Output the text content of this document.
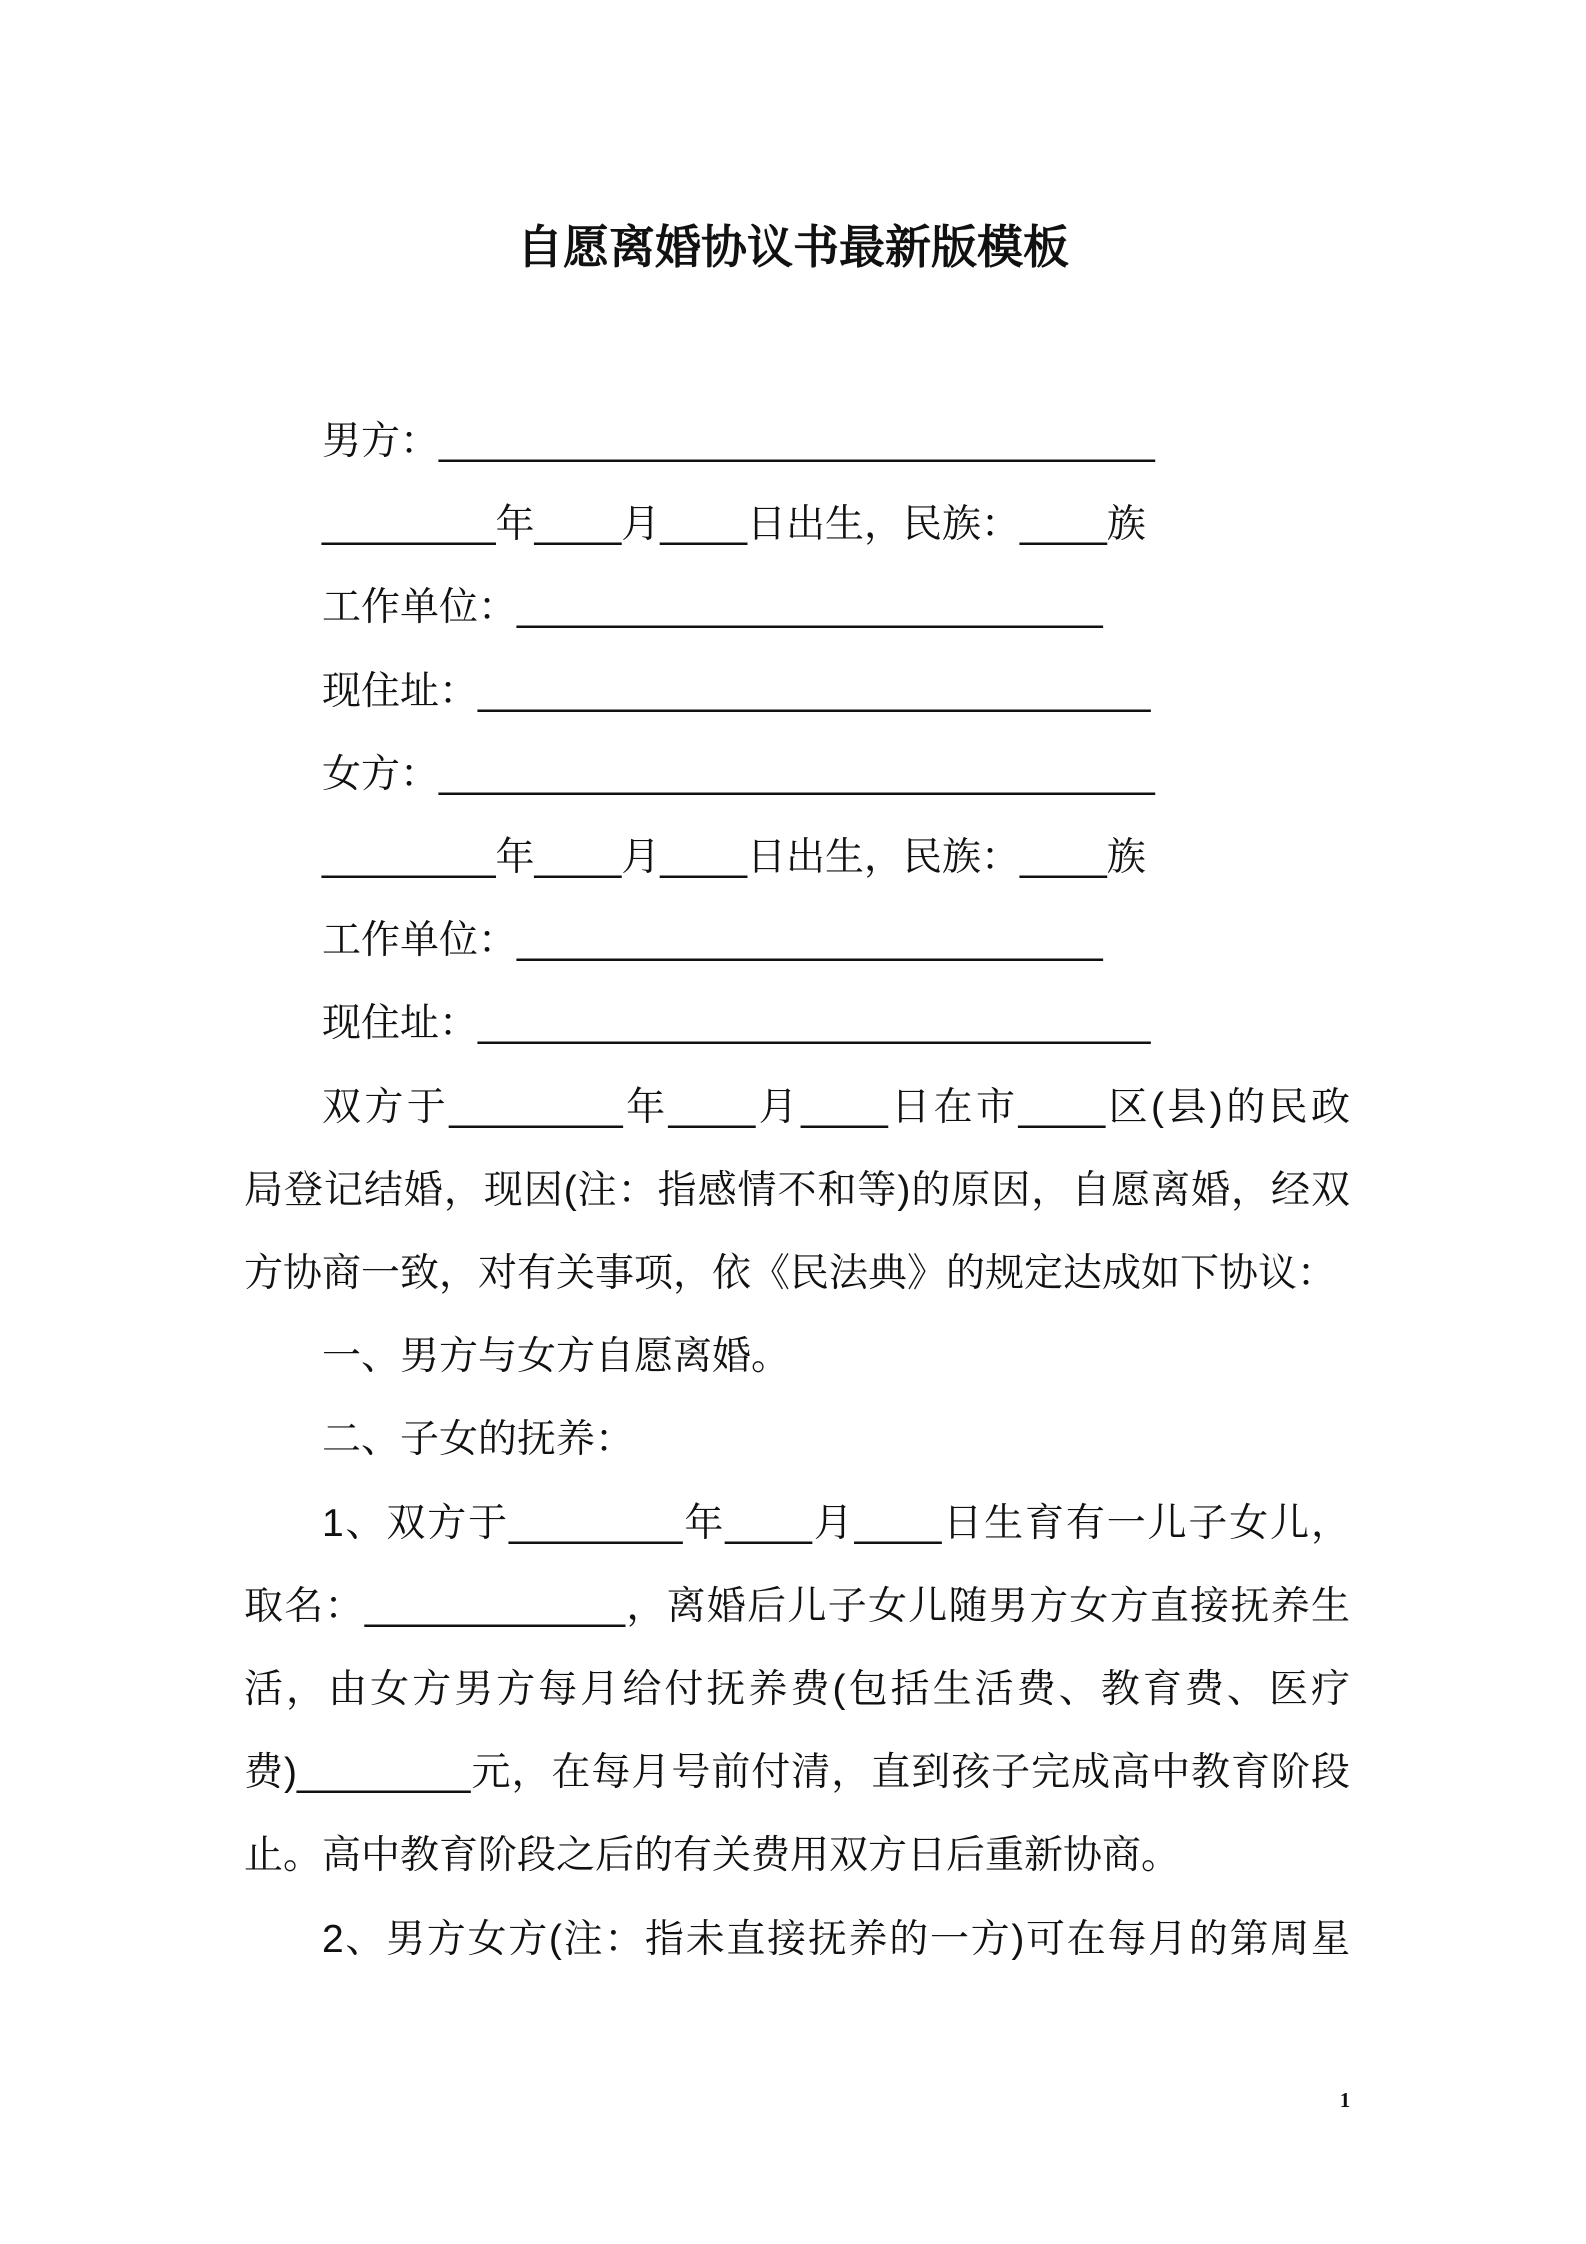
自愿离婚协议书最新版模板
男方：_________________________________
________年____月____日出生，民族：____族
工作单位：___________________________
现住址：_______________________________
女方：_________________________________
________年____月____日出生，民族：____族
工作单位：___________________________
现住址：_______________________________
双方于________年____月____日在市____区(县)的民政
局登记结婚，现因(注：指感情不和等)的原因，自愿离婚，经双
方协商一致，对有关事项，依《民法典》的规定达成如下协议：
一、男方与女方自愿离婚。
二、子女的抚养：
1、双方于________年____月____日生育有一儿子女儿，
取名：____________，离婚后儿子女儿随男方女方直接抚养生
活，由女方男方每月给付抚养费(包括生活费、教育费、医疗
费)________元，在每月号前付清，直到孩子完成高中教育阶段
止。高中教育阶段之后的有关费用双方日后重新协商。
2、男方女方(注：指未直接抚养的一方)可在每月的第周星
1
